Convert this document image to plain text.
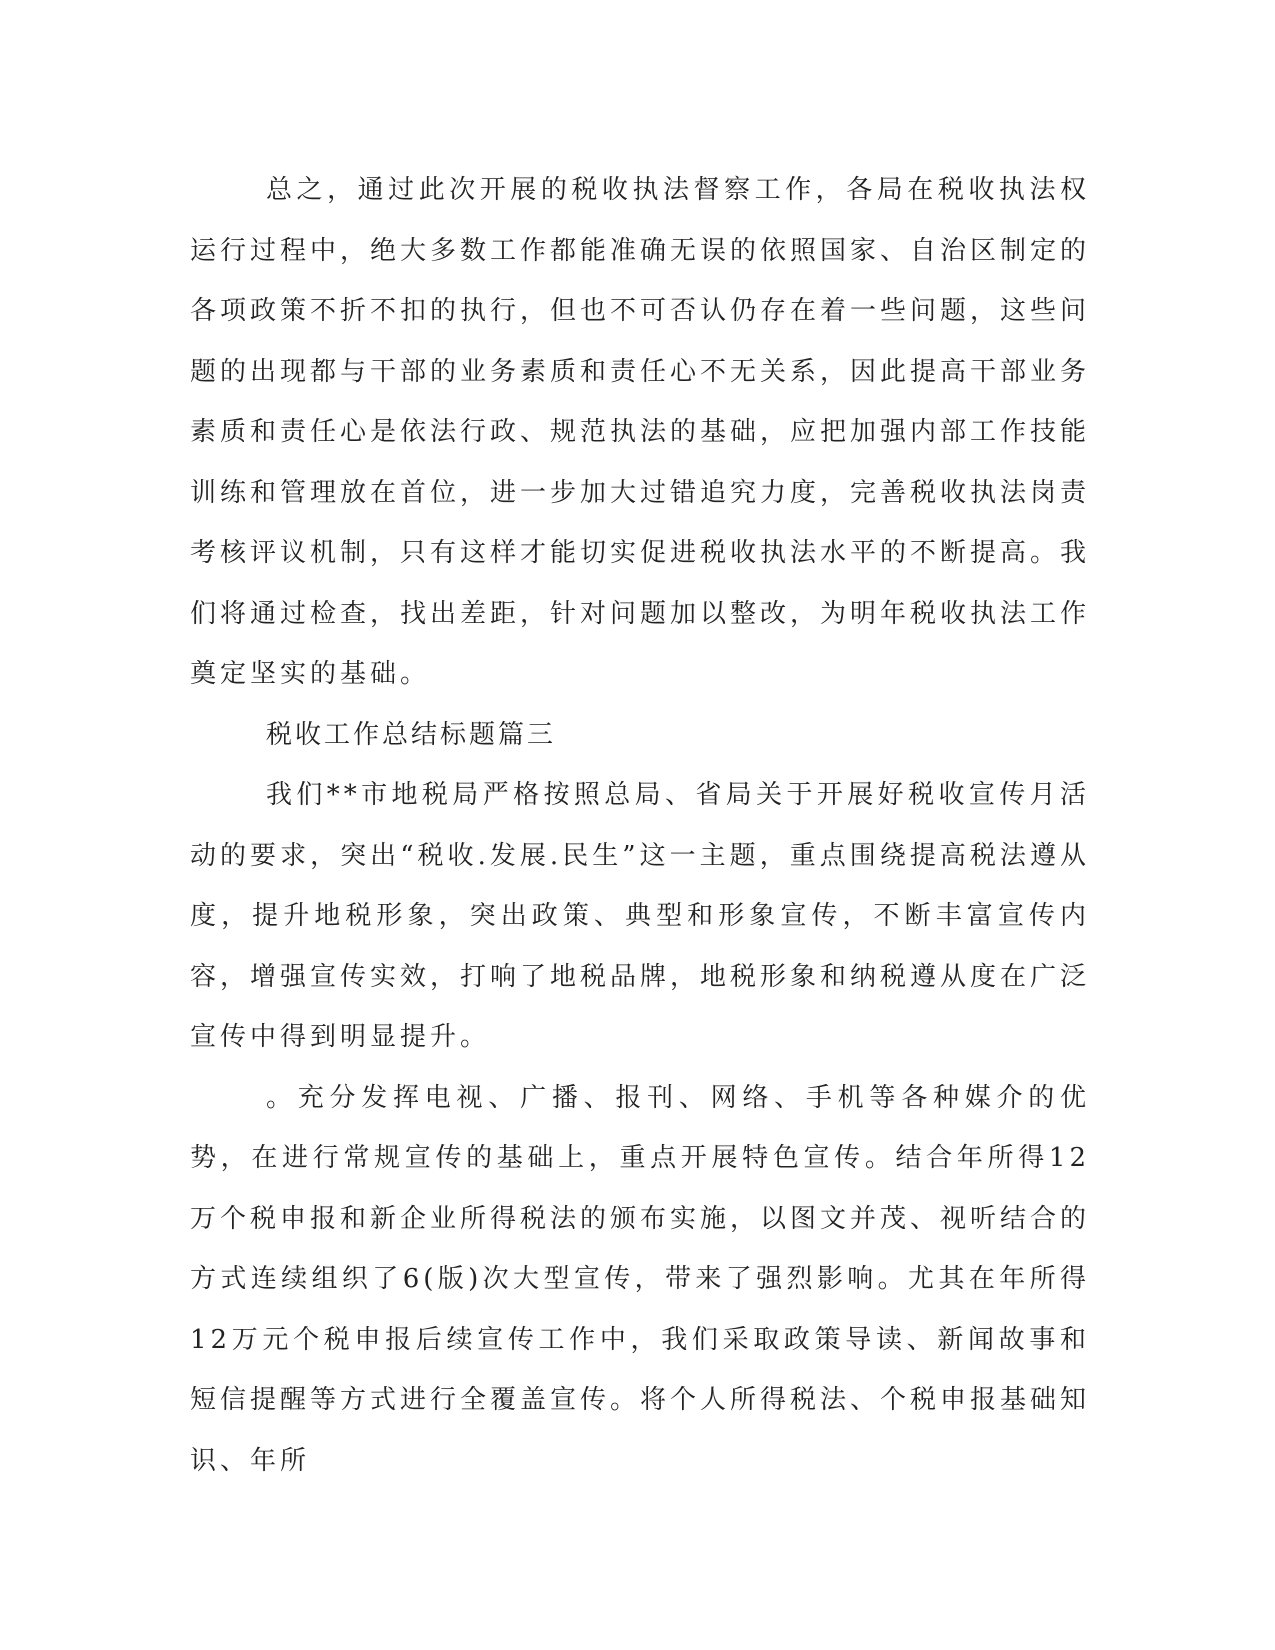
总之，通过此次开展的税收执法督察工作，各局在税收执法权运行过程中，绝大多数工作都能准确无误的依照国家、自治区制定的各项政策不折不扣的执行，但也不可否认仍存在着一些问题，这些问题的出现都与干部的业务素质和责任心不无关系，因此提高干部业务素质和责任心是依法行政、规范执法的基础，应把加强内部工作技能训练和管理放在首位，进一步加大过错追究力度，完善税收执法岗责考核评议机制，只有这样才能切实促进税收执法水平的不断提高。我们将通过检查，找出差距，针对问题加以整改，为明年税收执法工作奠定坚实的基础。

税收工作总结标题篇三

我们**市地税局严格按照总局、省局关于开展好税收宣传月活动的要求，突出“税收.发展.民生”这一主题，重点围绕提高税法遵从度，提升地税形象，突出政策、典型和形象宣传，不断丰富宣传内容，增强宣传实效，打响了地税品牌，地税形象和纳税遵从度在广泛宣传中得到明显提升。

。充分发挥电视、广播、报刊、网络、手机等各种媒介的优势，在进行常规宣传的基础上，重点开展特色宣传。结合年所得12万个税申报和新企业所得税法的颁布实施，以图文并茂、视听结合的方式连续组织了6(版)次大型宣传，带来了强烈影响。尤其在年所得12万元个税申报后续宣传工作中，我们采取政策导读、新闻故事和短信提醒等方式进行全覆盖宣传。将个人所得税法、个税申报基础知识、年所
